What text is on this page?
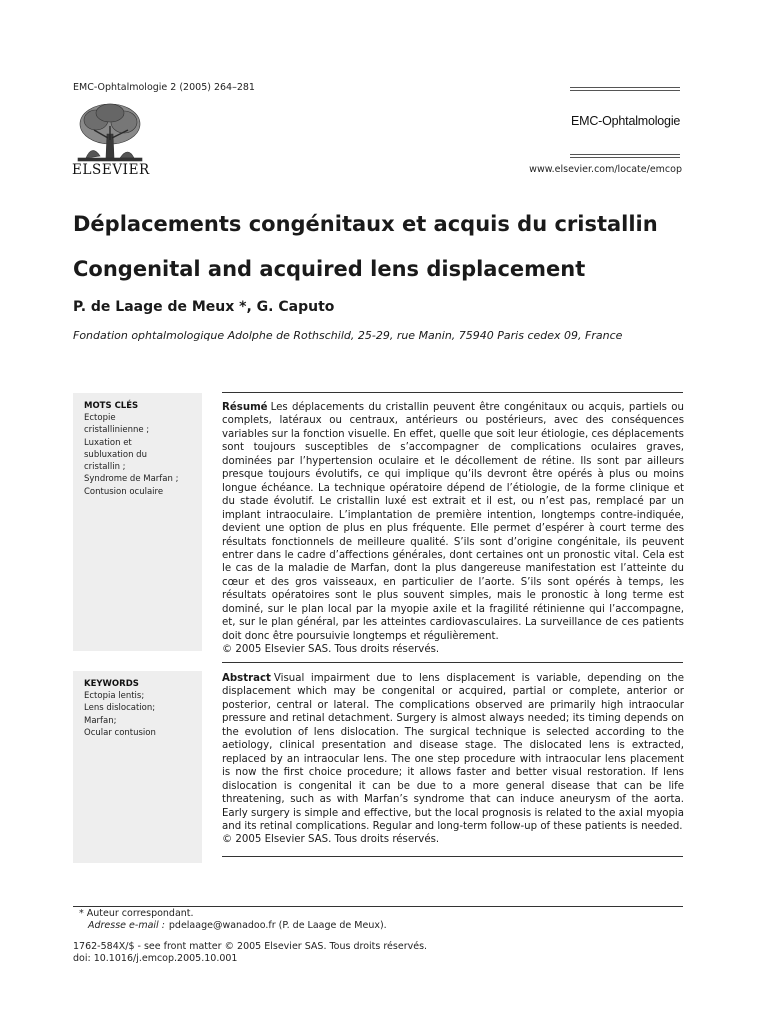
EMC-Ophtalmologie 2 (2005) 264–281
ELSEVIER
EMC-Ophtalmologie
www.elsevier.com/locate/emcop
Déplacements congénitaux et acquis du cristallin
Congenital and acquired lens displacement
P. de Laage de Meux *, G. Caputo
Fondation ophtalmologique Adolphe de Rothschild, 25-29, rue Manin, 75940 Paris cedex 09, France
MOTS CLÉS
Ectopie
cristallinienne ;
Luxation et
subluxation du
cristallin ;
Syndrome de Marfan ;
Contusion oculaire
KEYWORDS
Ectopia lentis;
Lens dislocation;
Marfan;
Ocular contusion
Résumé Les déplacements du cristallin peuvent être congénitaux ou acquis, partiels ou complets, latéraux ou centraux, antérieurs ou postérieurs, avec des conséquences variables sur la fonction visuelle. En effet, quelle que soit leur étiologie, ces déplacements sont toujours susceptibles de s’accompagner de complications oculaires graves, dominées par l’hypertension oculaire et le décollement de rétine. Ils sont par ailleurs presque toujours évolutifs, ce qui implique qu’ils devront être opérés à plus ou moins longue échéance. La technique opératoire dépend de l’étiologie, de la forme clinique et du stade évolutif. Le cristallin luxé est extrait et il est, ou n’est pas, remplacé par un implant intraoculaire. L’implantation de première intention, longtemps contre-indiquée, devient une option de plus en plus fréquente. Elle permet d’espérer à court terme des résultats fonctionnels de meilleure qualité. S’ils sont d’origine congénitale, ils peuvent entrer dans le cadre d’affections générales, dont certaines ont un pronostic vital. Cela est le cas de la maladie de Marfan, dont la plus dangereuse manifestation est l’atteinte du cœur et des gros vaisseaux, en particulier de l’aorte. S’ils sont opérés à temps, les résultats opératoires sont le plus souvent simples, mais le pronostic à long terme est dominé, sur le plan local par la myopie axile et la fragilité rétinienne qui l’accompagne, et, sur le plan général, par les atteintes cardiovasculaires. La surveillance de ces patients doit donc être poursuivie longtemps et régulièrement.
© 2005 Elsevier SAS. Tous droits réservés.
Abstract Visual impairment due to lens displacement is variable, depending on the displacement which may be congenital or acquired, partial or complete, anterior or posterior, central or lateral. The complications observed are primarily high intraocular pressure and retinal detachment. Surgery is almost always needed; its timing depends on the evolution of lens dislocation. The surgical technique is selected according to the aetiology, clinical presentation and disease stage. The dislocated lens is extracted, replaced by an intraocular lens. The one step procedure with intraocular lens placement is now the first choice procedure; it allows faster and better visual restoration. If lens dislocation is congenital it can be due to a more general disease that can be life threatening, such as with Marfan’s syndrome that can induce aneurysm of the aorta. Early surgery is simple and effective, but the local prognosis is related to the axial myopia and its retinal complications. Regular and long-term follow-up of these patients is needed.
© 2005 Elsevier SAS. Tous droits réservés.
* Auteur correspondant.
Adresse e-mail : pdelaage@wanadoo.fr (P. de Laage de Meux).
1762-584X/$ - see front matter © 2005 Elsevier SAS. Tous droits réservés.
doi: 10.1016/j.emcop.2005.10.001
